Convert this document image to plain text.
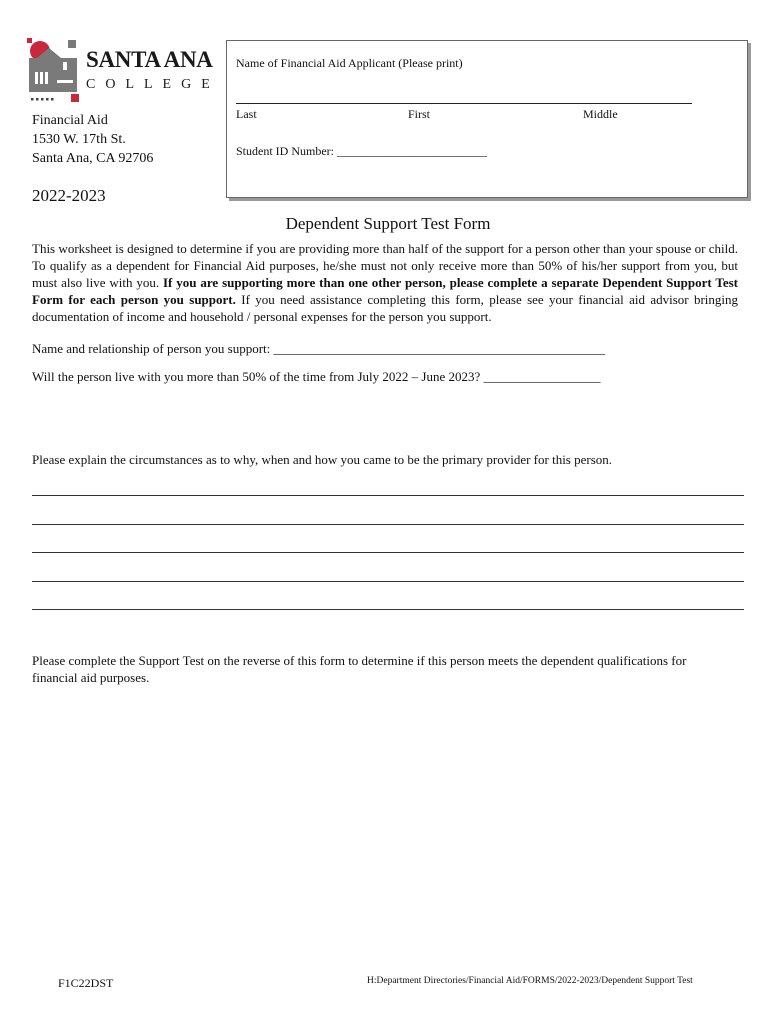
SANTA ANA
COLLEGE
Financial Aid
1530 W. 17th St.
Santa Ana, CA 92706
2022-2023
Name of Financial Aid Applicant (Please print)
Last	First	Middle
Student ID Number: _________________________
Dependent Support Test Form
This worksheet is designed to determine if you are providing more than half of the support for a person other than your spouse or child. To qualify as a dependent for Financial Aid purposes, he/she must not only receive more than 50% of his/her support from you, but must also live with you. If you are supporting more than one other person, please complete a separate Dependent Support Test Form for each person you support. If you need assistance completing this form, please see your financial aid advisor bringing documentation of income and household / personal expenses for the person you support.
Name and relationship of person you support: ___________________________________________________
Will the person live with you more than 50% of the time from July 2022 – June 2023? __________________
Please explain the circumstances as to why, when and how you came to be the primary provider for this person.
Please complete the Support Test on the reverse of this form to determine if this person meets the dependent qualifications for
financial aid purposes.
F1C22DST	H:Department Directories/Financial Aid/FORMS/2022-2023/Dependent Support Test
